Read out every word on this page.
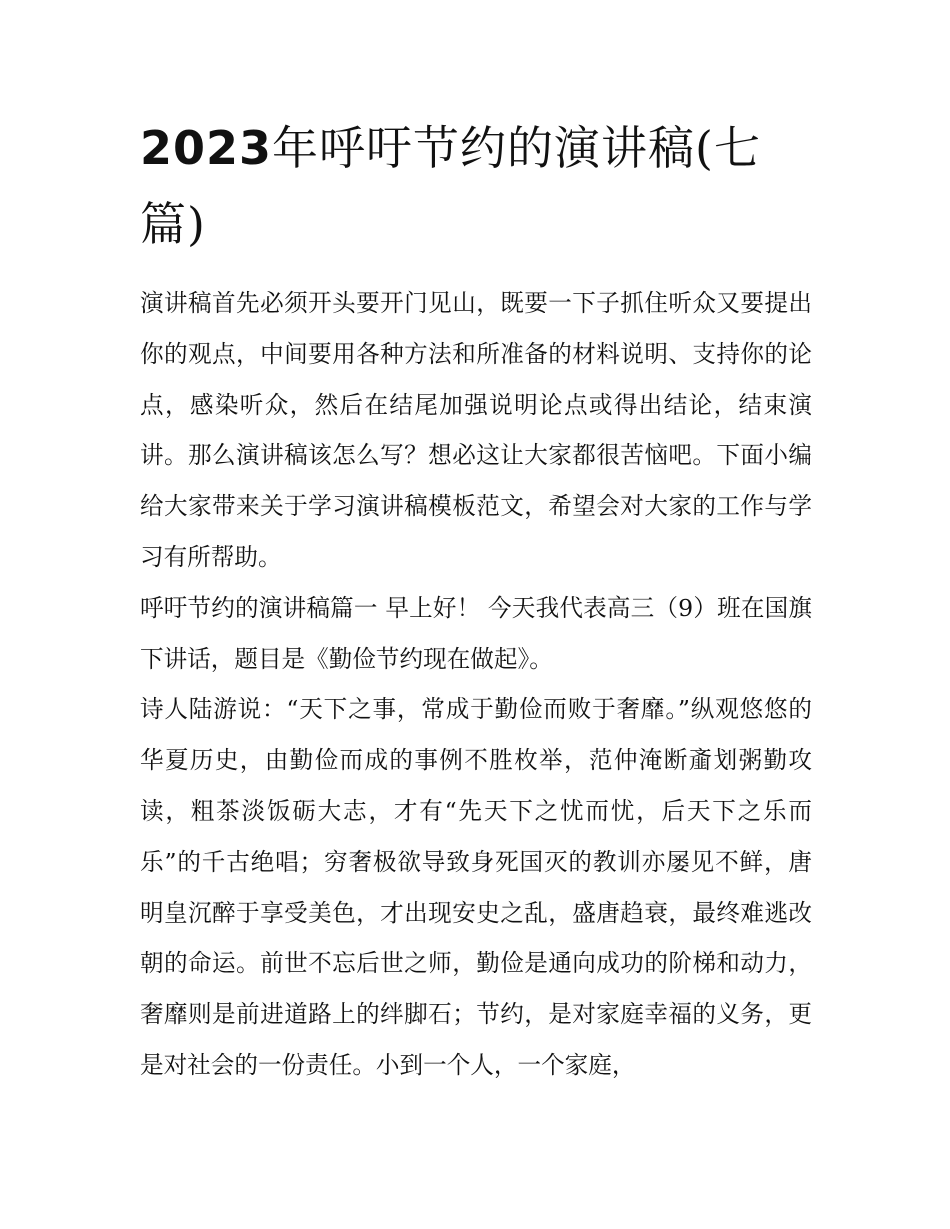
2023年呼吁节约的演讲稿(七篇)

演讲稿首先必须开头要开门见山，既要一下子抓住听众又要提出你的观点，中间要用各种方法和所准备的材料说明、支持你的论点，感染听众，然后在结尾加强说明论点或得出结论，结束演讲。那么演讲稿该怎么写？想必这让大家都很苦恼吧。下面小编给大家带来关于学习演讲稿模板范文，希望会对大家的工作与学习有所帮助。

呼吁节约的演讲稿篇一 早上好！ 今天我代表高三（9）班在国旗下讲话，题目是《勤俭节约现在做起》。

诗人陆游说：“天下之事，常成于勤俭而败于奢靡。”纵观悠悠的华夏历史，由勤俭而成的事例不胜枚举，范仲淹断齑划粥勤攻读，粗茶淡饭砺大志，才有“先天下之忧而忧，后天下之乐而乐”的千古绝唱；穷奢极欲导致身死国灭的教训亦屡见不鲜，唐明皇沉醉于享受美色，才出现安史之乱，盛唐趋衰，最终难逃改朝的命运。前世不忘后世之师，勤俭是通向成功的阶梯和动力，奢靡则是前进道路上的绊脚石；节约，是对家庭幸福的义务，更是对社会的一份责任。小到一个人，一个家庭，
